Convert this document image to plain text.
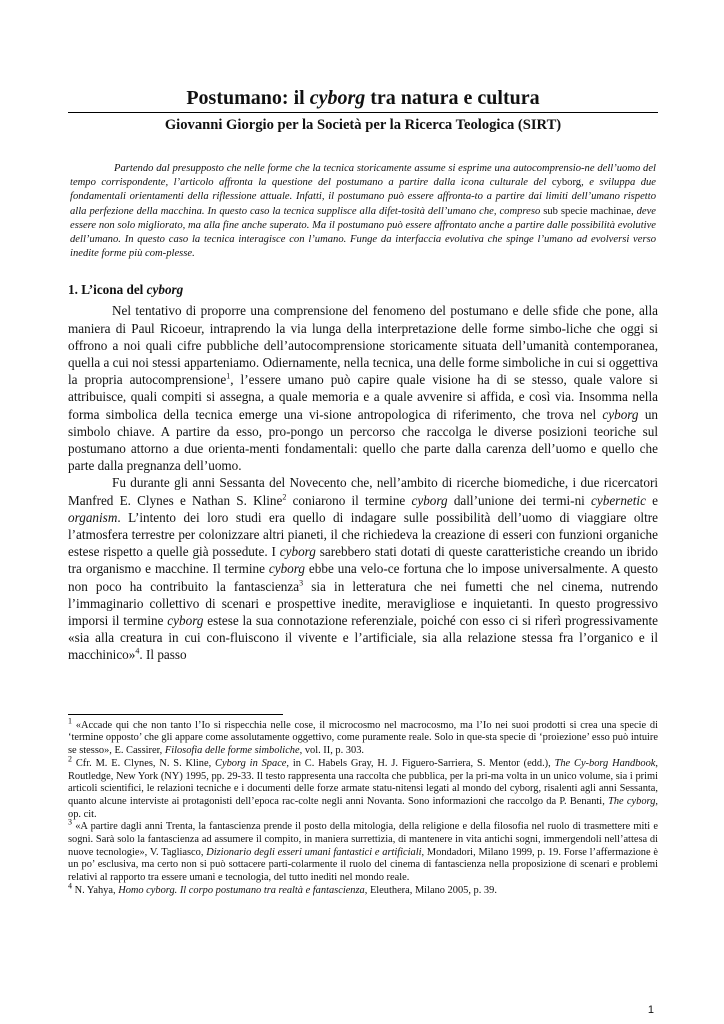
Postumano: il cyborg tra natura e cultura
Giovanni Giorgio per la Società per la Ricerca Teologica (SIRT)

Partendo dal presupposto che nelle forme che la tecnica storicamente assume si esprime una autocomprensio-ne dell’uomo del tempo corrispondente, l’articolo affronta la questione del postumano a partire dalla icona culturale del cyborg, e sviluppa due fondamentali orientamenti della riflessione attuale. Infatti, il postumano può essere affronta-to a partire dai limiti dell’umano rispetto alla perfezione della macchina. In questo caso la tecnica supplisce alla difet-tosità dell’umano che, compreso sub specie machinae, deve essere non solo migliorato, ma alla fine anche superato. Ma il postumano può essere affrontato anche a partire dalle possibilità evolutive dell’umano. In questo caso la tecnica interagisce con l’umano. Funge da interfaccia evolutiva che spinge l’umano ad evolversi verso inedite forme più com-plesse.

1. L’icona del cyborg

Nel tentativo di proporre una comprensione del fenomeno del postumano e delle sfide che pone, alla maniera di Paul Ricoeur, intraprendo la via lunga della interpretazione delle forme simbo-liche che oggi si offrono a noi quali cifre pubbliche dell’autocomprensione storicamente situata dell’umanità contemporanea, quella a cui noi stessi apparteniamo. Odiernamente, nella tecnica, una delle forme simboliche in cui si oggettiva la propria autocomprensione$^1$, l’essere umano può capire quale visione ha di se stesso, quale valore si attribuisce, quali compiti si assegna, a quale memoria e a quale avvenire si affida, e così via. Insomma nella forma simbolica della tecnica emerge una vi-sione antropologica di riferimento, che trova nel cyborg un simbolo chiave. A partire da esso, pro-pongo un percorso che raccolga le diverse posizioni teoriche sul postumano attorno a due orienta-menti fondamentali: quello che parte dalla carenza dell’uomo e quello che parte dalla pregnanza dell’uomo.

Fu durante gli anni Sessanta del Novecento che, nell’ambito di ricerche biomediche, i due ricercatori Manfred E. Clynes e Nathan S. Kline$^2$ coniarono il termine cyborg dall’unione dei termi-ni cybernetic e organism. L’intento dei loro studi era quello di indagare sulle possibilità dell’uomo di viaggiare oltre l’atmosfera terrestre per colonizzare altri pianeti, il che richiedeva la creazione di esseri con funzioni organiche estese rispetto a quelle già possedute. I cyborg sarebbero stati dotati di queste caratteristiche creando un ibrido tra organismo e macchine. Il termine cyborg ebbe una velo-ce fortuna che lo impose universalmente. A questo non poco ha contribuito la fantascienza$^3$ sia in letteratura che nei fumetti che nel cinema, nutrendo l’immaginario collettivo di scenari e prospettive inedite, meravigliose e inquietanti. In questo progressivo imporsi il termine cyborg estese la sua connotazione referenziale, poiché con esso ci si riferì progressivamente «sia alla creatura in cui con-fluiscono il vivente e l’artificiale, sia alla relazione stessa fra l’organico e il macchinico»$^4$. Il passo

$^1$ «Accade qui che non tanto l’Io si rispecchia nelle cose, il microcosmo nel macrocosmo, ma l’Io nei suoi prodotti si crea una specie di ‘termine opposto’ che gli appare come assolutamente oggettivo, come puramente reale. Solo in que-sta specie di ‘proiezione’ esso può intuire se stesso», E. Cassirer, Filosofia delle forme simboliche, vol. II, p. 303.

$^2$ Cfr. M. E. Clynes, N. S. Kline, Cyborg in Space, in C. Habels Gray, H. J. Figuero-Sarriera, S. Mentor (edd.), The Cy-borg Handbook, Routledge, New York (NY) 1995, pp. 29-33. Il testo rappresenta una raccolta che pubblica, per la pri-ma volta in un unico volume, sia i primi articoli scientifici, le relazioni tecniche e i documenti delle forze armate statu-nitensi legati al mondo del cyborg, risalenti agli anni Sessanta, quanto alcune interviste ai protagonisti dell’epoca rac-colte negli anni Novanta. Sono informazioni che raccolgo da P. Benanti, The cyborg, op. cit.

$^3$ «A partire dagli anni Trenta, la fantascienza prende il posto della mitologia, della religione e della filosofia nel ruolo di trasmettere miti e sogni. Sarà solo la fantascienza ad assumere il compito, in maniera surrettizia, di mantenere in vita antichi sogni, immergendoli nell’attesa di nuove tecnologie», V. Tagliasco, Dizionario degli esseri umani fantastici e artificiali, Mondadori, Milano 1999, p. 19. Forse l’affermazione è un po’ esclusiva, ma certo non si può sottacere parti-colarmente il ruolo del cinema di fantascienza nella proposizione di scenari e problemi relativi al rapporto tra essere umani e tecnologia, del tutto inediti nel mondo reale.

$^4$ N. Yahya, Homo cyborg. Il corpo postumano tra realtà e fantascienza, Eleuthera, Milano 2005, p. 39.

1
